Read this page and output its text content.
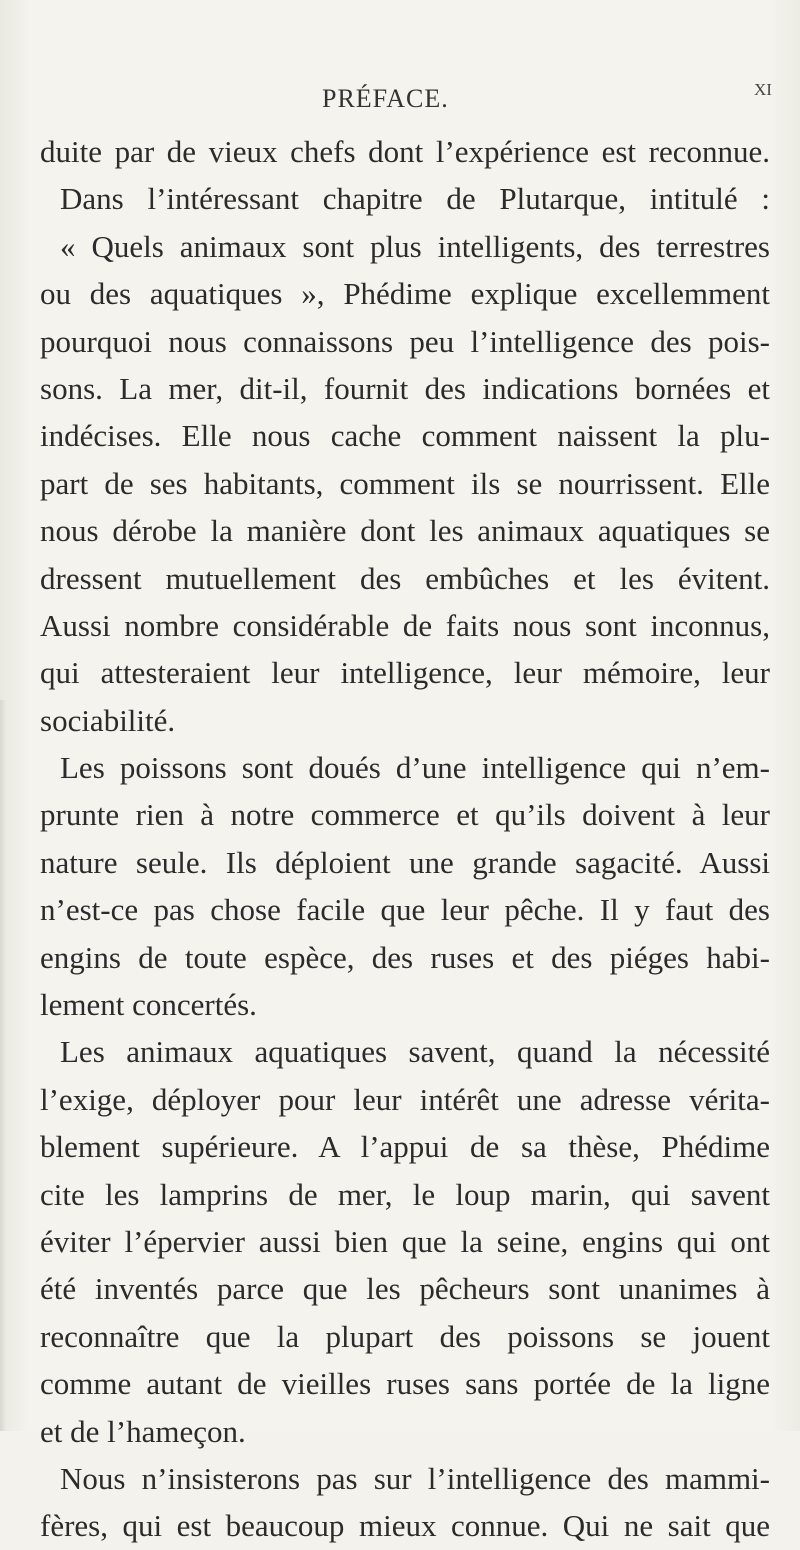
PRÉFACE.	XI
duite par de vieux chefs dont l’expérience est reconnue.
Dans l’intéressant chapitre de Plutarque, intitulé :
« Quels animaux sont plus intelligents, des terrestres
ou des aquatiques », Phédime explique excellemment
pourquoi nous connaissons peu l’intelligence des pois-
sons. La mer, dit-il, fournit des indications bornées et
indécises. Elle nous cache comment naissent la plu-
part de ses habitants, comment ils se nourrissent. Elle
nous dérobe la manière dont les animaux aquatiques se
dressent mutuellement des embûches et les évitent.
Aussi nombre considérable de faits nous sont inconnus,
qui attesteraient leur intelligence, leur mémoire, leur
sociabilité.
Les poissons sont doués d’une intelligence qui n’em-
prunte rien à notre commerce et qu’ils doivent à leur
nature seule. Ils déploient une grande sagacité. Aussi
n’est-ce pas chose facile que leur pêche. Il y faut des
engins de toute espèce, des ruses et des piéges habi-
lement concertés.
Les animaux aquatiques savent, quand la nécessité
l’exige, déployer pour leur intérêt une adresse vérita-
blement supérieure. A l’appui de sa thèse, Phédime
cite les lamprins de mer, le loup marin, qui savent
éviter l’épervier aussi bien que la seine, engins qui ont
été inventés parce que les pêcheurs sont unanimes à
reconnaître que la plupart des poissons se jouent
comme autant de vieilles ruses sans portée de la ligne
et de l’hameçon.
Nous n’insisterons pas sur l’intelligence des mammi-
fères, qui est beaucoup mieux connue. Qui ne sait que
